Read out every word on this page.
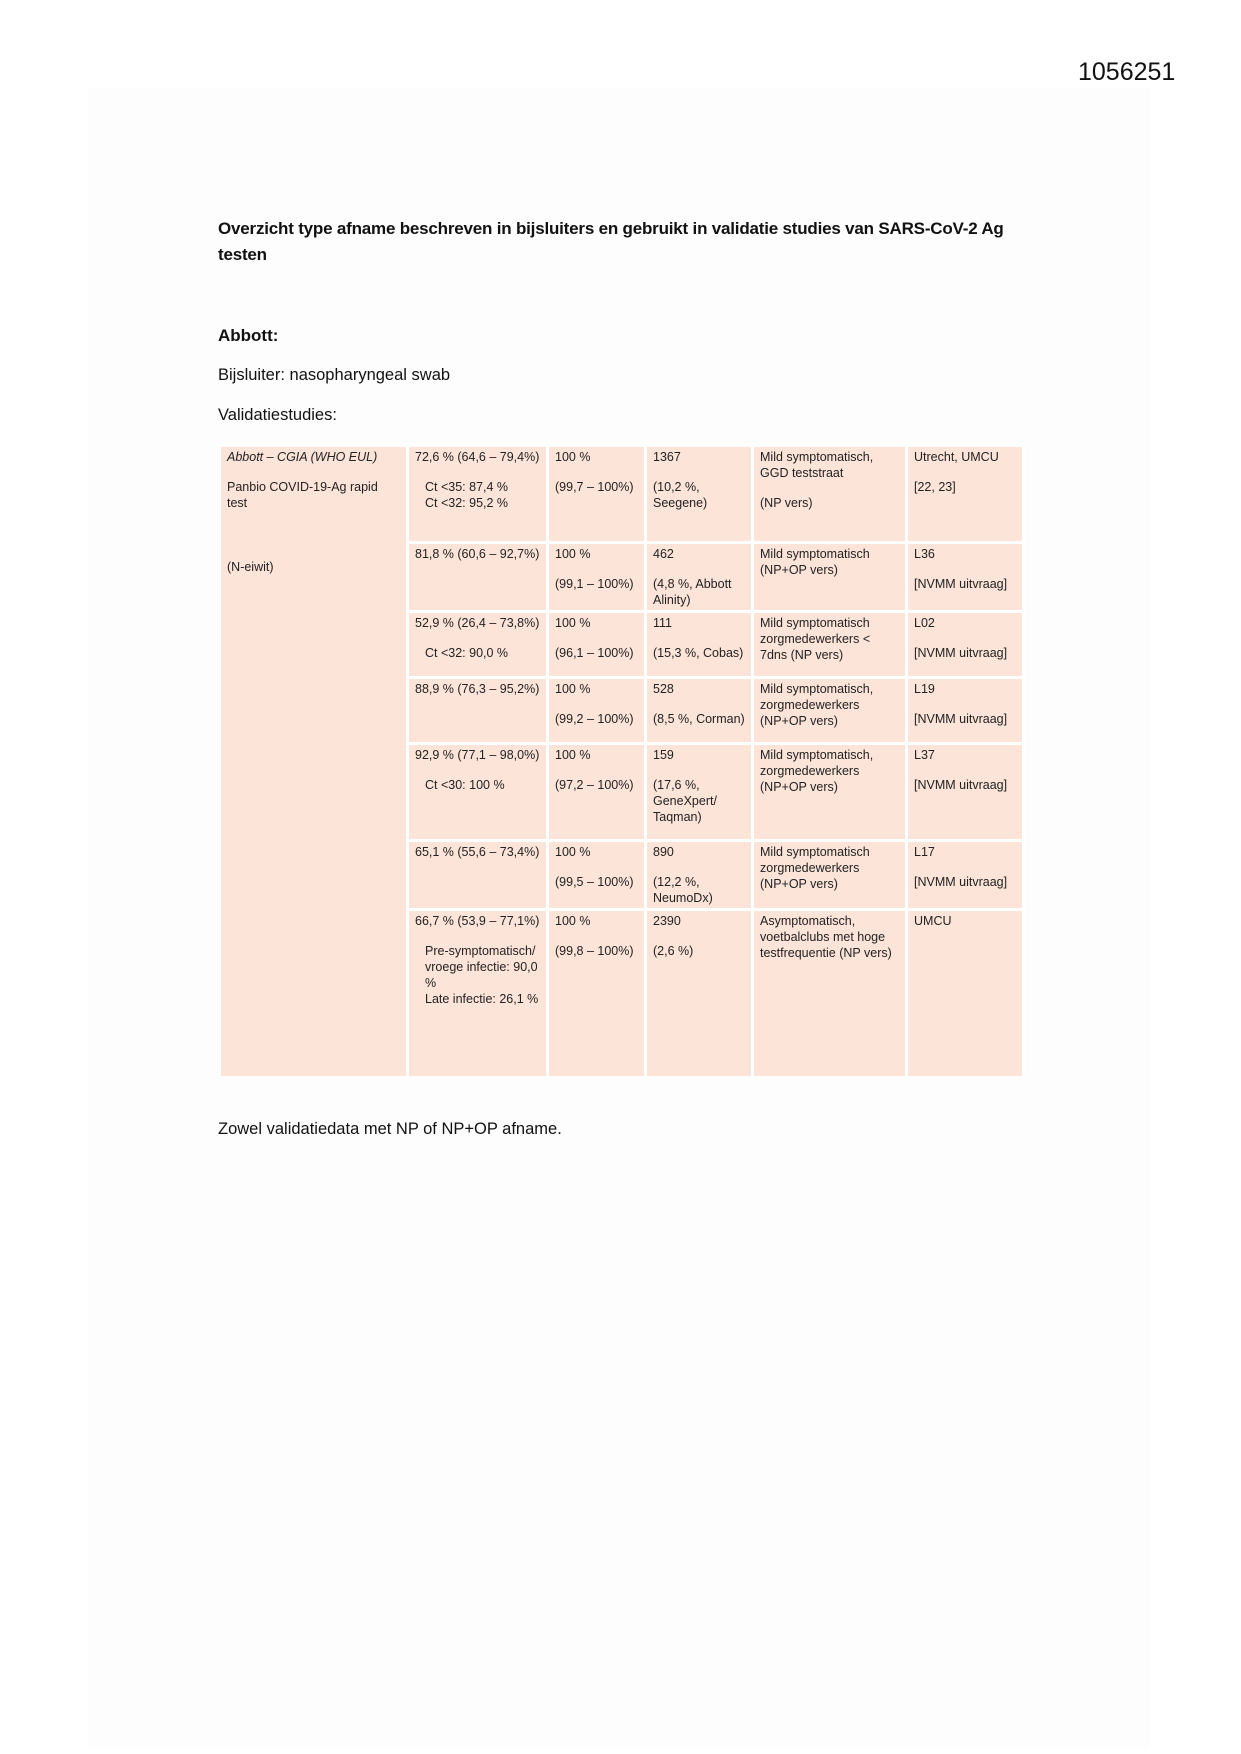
1056251
Overzicht type afname beschreven in bijsluiters en gebruikt in validatie studies van SARS-CoV-2 Ag testen
Abbott:

Bijsluiter: nasopharyngeal swab

Validatiestudies:

Abbott – CGIA (WHO EUL)
Panbio COVID-19-Ag rapid test
(N-eiwit)	72,6 % (64,6 – 79,4%)
Ct <35: 87,4 %
Ct <32: 95,2 %	100 %
(99,7 – 100%)	1367
(10,2 %, Seegene)	Mild symptomatisch, GGD teststraat
(NP vers)	Utrecht, UMCU
[22, 23]

	81,8 % (60,6 – 92,7%)	100 %
(99,1 – 100%)	462
(4,8 %, Abbott Alinity)	Mild symptomatisch (NP+OP vers)	L36
[NVMM uitvraag]

	52,9 % (26,4 – 73,8%)
Ct <32: 90,0 %	100 %
(96,1 – 100%)	111
(15,3 %, Cobas)	Mild symptomatisch zorgmedewerkers < 7dns (NP vers)	L02
[NVMM uitvraag]

	88,9 % (76,3 – 95,2%)	100 %
(99,2 – 100%)	528
(8,5 %, Corman)	Mild symptomatisch, zorgmedewerkers (NP+OP vers)	L19
[NVMM uitvraag]

	92,9 % (77,1 – 98,0%)
Ct <30: 100 %	100 %
(97,2 – 100%)	159
(17,6 %, GeneXpert/ Taqman)	Mild symptomatisch, zorgmedewerkers (NP+OP vers)	L37
[NVMM uitvraag]

	65,1 % (55,6 – 73,4%)	100 %
(99,5 – 100%)	890
(12,2 %, NeumoDx)	Mild symptomatisch zorgmedewerkers (NP+OP vers)	L17
[NVMM uitvraag]

	66,7 % (53,9 – 77,1%)
Pre-symptomatisch/ vroege infectie: 90,0 %
Late infectie: 26,1 %	100 %
(99,8 – 100%)	2390
(2,6 %)	Asymptomatisch, voetbalclubs met hoge testfrequentie (NP vers)	UMCU

Zowel validatiedata met NP of NP+OP afname.
